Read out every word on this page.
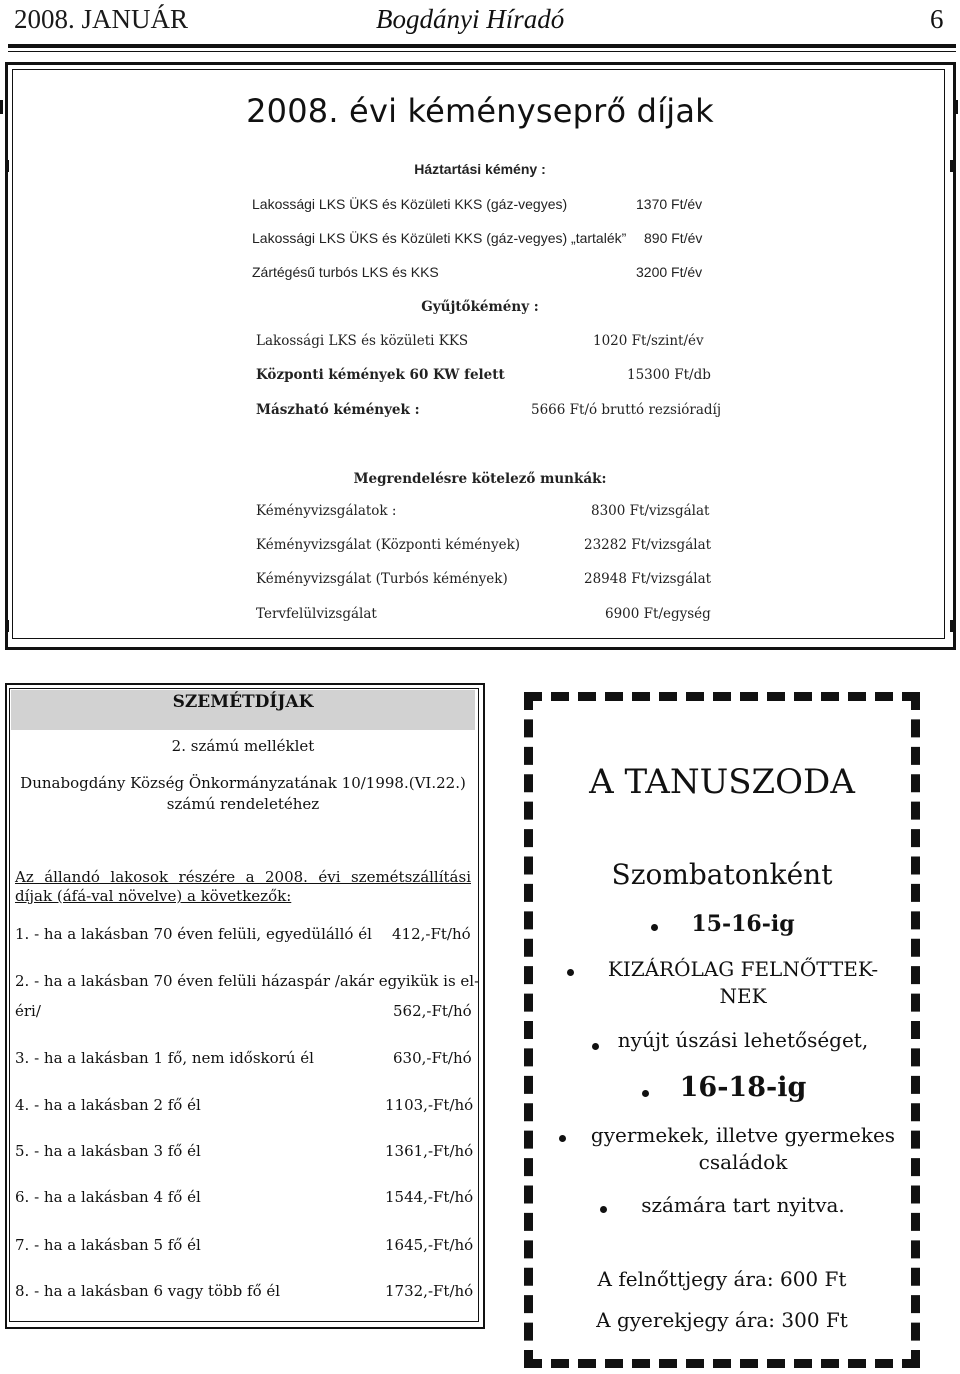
2008. JANUÁR	Bogdányi Híradó	6
2008. évi kéményseprő díjak
Háztartási kémény :
Lakossági LKS ÜKS és Közületi KKS (gáz-vegyes)	1370 Ft/év
Lakossági LKS ÜKS és Közületi KKS (gáz-vegyes) „tartalék” 890 Ft/év
Zártégésű turbós LKS és KKS	3200 Ft/év
Gyűjtőkémény :
Lakossági LKS és közületi KKS	1020 Ft/szint/év
Központi kémények 60 KW felett	15300 Ft/db
Mászható kémények :	5666 Ft/ó bruttó rezsióradíj
Megrendelésre kötelező munkák:
Kéményvizsgálatok :	8300 Ft/vizsgálat
Kéményvizsgálat (Központi kémények)	23282 Ft/vizsgálat
Kéményvizsgálat (Turbós kémények)	28948 Ft/vizsgálat
Tervfelülvizsgálat	6900 Ft/egység
SZEMÉTDÍJAK
2. számú melléklet
Dunabogdány Község Önkormányzatának 10/1998.(VI.22.)
számú rendeletéhez
Az állandó lakosok részére a 2008. évi szemétszállítási díjak (áfá-val növelve) a következők:
1. - ha a lakásban 70 éven felüli, egyedülálló él 412,-Ft/hó
2. - ha a lakásban 70 éven felüli házaspár /akár egyikük is el-
éri/	562,-Ft/hó
3. - ha a lakásban 1 fő, nem időskorú él	630,-Ft/hó
4. - ha a lakásban 2 fő él	1103,-Ft/hó
5. - ha a lakásban 3 fő él	1361,-Ft/hó
6. - ha a lakásban 4 fő él	1544,-Ft/hó
7. - ha a lakásban 5 fő él	1645,-Ft/hó
8. - ha a lakásban 6 vagy több fő él	1732,-Ft/hó
A TANUSZODA
Szombatonként
15-16-ig
KIZÁRÓLAG FELNŐTTEK-
NEK
nyújt úszási lehetőséget,
16-18-ig
gyermekek, illetve gyermekes
családok
számára tart nyitva.
A felnőttjegy ára: 600 Ft
A gyerekjegy ára: 300 Ft
